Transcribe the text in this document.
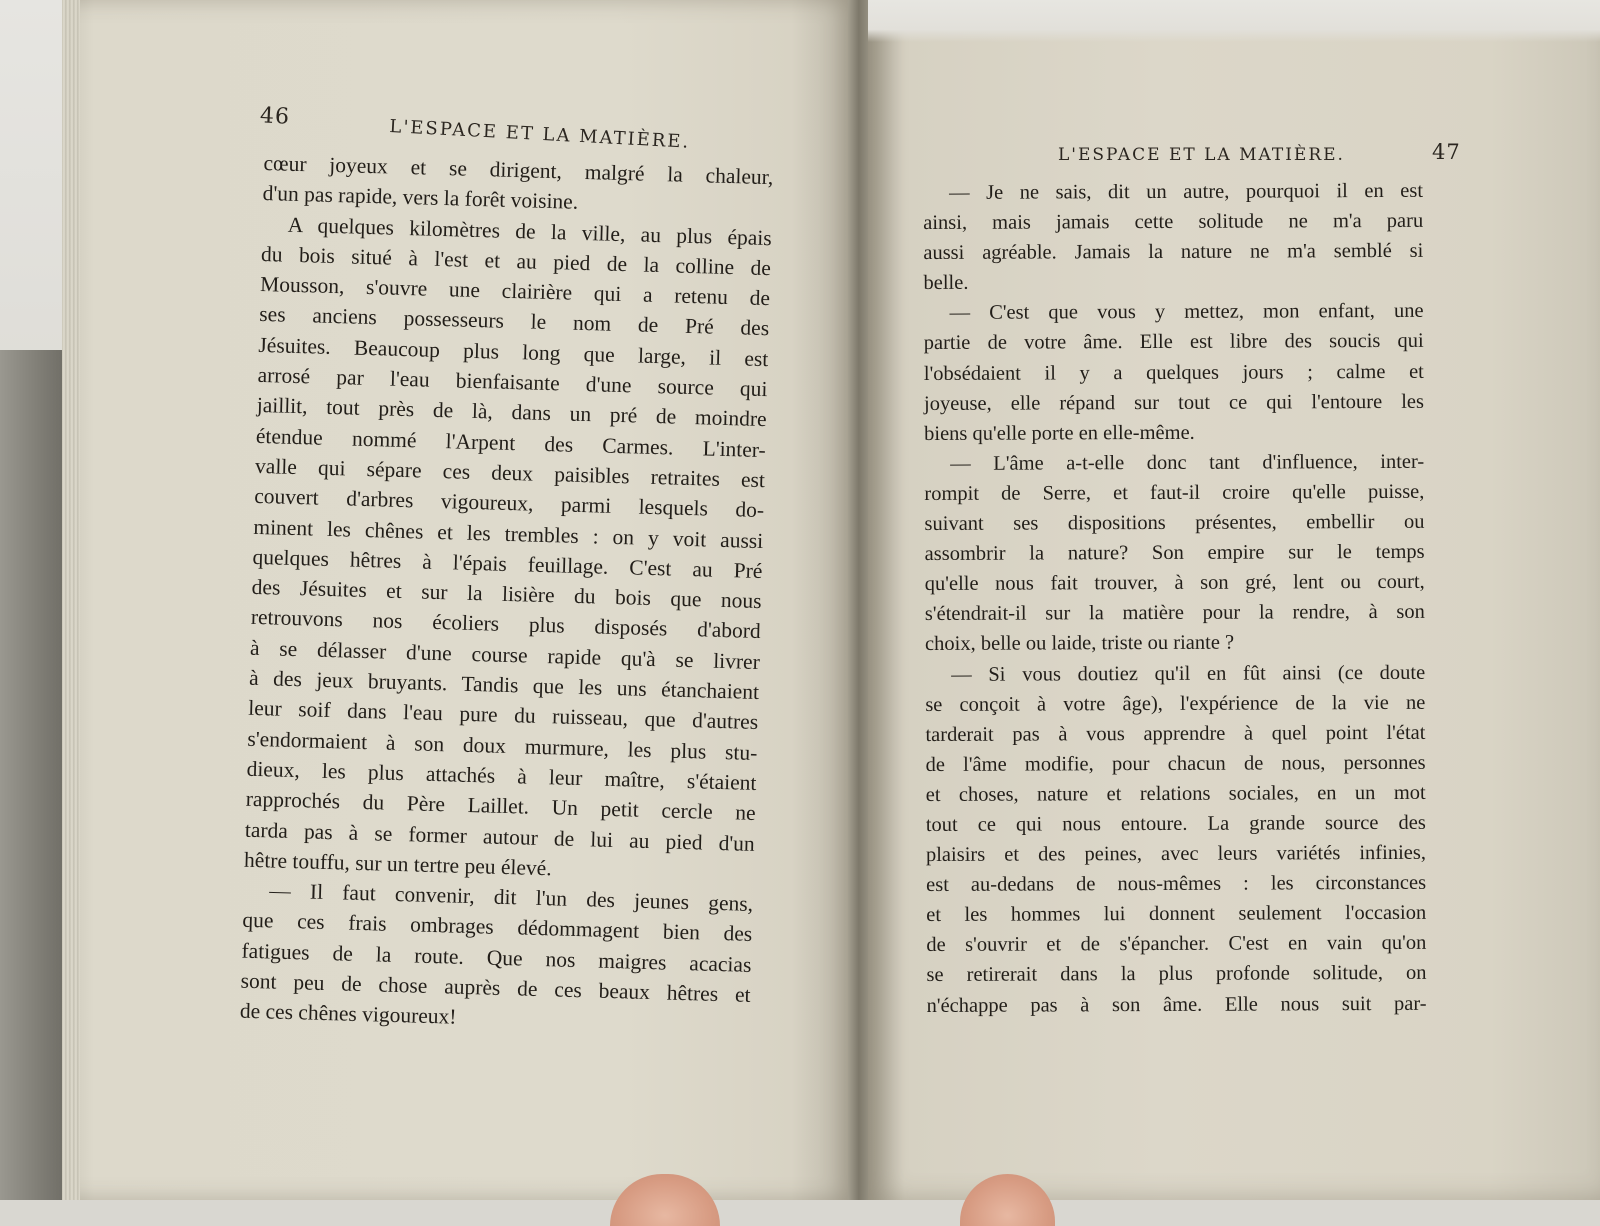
46	L'ESPACE ET LA MATIÈRE.
cœur joyeux et se dirigent, malgré la chaleur,
d'un pas rapide, vers la forêt voisine.
A quelques kilomètres de la ville, au plus épais
du bois situé à l'est et au pied de la colline de
Mousson, s'ouvre une clairière qui a retenu de
ses anciens possesseurs le nom de Pré des
Jésuites. Beaucoup plus long que large, il est
arrosé par l'eau bienfaisante d'une source qui
jaillit, tout près de là, dans un pré de moindre
étendue nommé l'Arpent des Carmes. L'inter-
valle qui sépare ces deux paisibles retraites est
couvert d'arbres vigoureux, parmi lesquels do-
minent les chênes et les trembles : on y voit aussi
quelques hêtres à l'épais feuillage. C'est au Pré
des Jésuites et sur la lisière du bois que nous
retrouvons nos écoliers plus disposés d'abord
à se délasser d'une course rapide qu'à se livrer
à des jeux bruyants. Tandis que les uns étanchaient
leur soif dans l'eau pure du ruisseau, que d'autres
s'endormaient à son doux murmure, les plus stu-
dieux, les plus attachés à leur maître, s'étaient
rapprochés du Père Laillet. Un petit cercle ne
tarda pas à se former autour de lui au pied d'un
hêtre touffu, sur un tertre peu élevé.
— Il faut convenir, dit l'un des jeunes gens,
que ces frais ombrages dédommagent bien des
fatigues de la route. Que nos maigres acacias
sont peu de chose auprès de ces beaux hêtres et
de ces chênes vigoureux!
L'ESPACE ET LA MATIÈRE.	47
— Je ne sais, dit un autre, pourquoi il en est
ainsi, mais jamais cette solitude ne m'a paru
aussi agréable. Jamais la nature ne m'a semblé si
belle.
— C'est que vous y mettez, mon enfant, une
partie de votre âme. Elle est libre des soucis qui
l'obsédaient il y a quelques jours ; calme et
joyeuse, elle répand sur tout ce qui l'entoure les
biens qu'elle porte en elle-même.
— L'âme a-t-elle donc tant d'influence, inter-
rompit de Serre, et faut-il croire qu'elle puisse,
suivant ses dispositions présentes, embellir ou
assombrir la nature? Son empire sur le temps
qu'elle nous fait trouver, à son gré, lent ou court,
s'étendrait-il sur la matière pour la rendre, à son
choix, belle ou laide, triste ou riante ?
— Si vous doutiez qu'il en fût ainsi (ce doute
se conçoit à votre âge), l'expérience de la vie ne
tarderait pas à vous apprendre à quel point l'état
de l'âme modifie, pour chacun de nous, personnes
et choses, nature et relations sociales, en un mot
tout ce qui nous entoure. La grande source des
plaisirs et des peines, avec leurs variétés infinies,
est au-dedans de nous-mêmes : les circonstances
et les hommes lui donnent seulement l'occasion
de s'ouvrir et de s'épancher. C'est en vain qu'on
se retirerait dans la plus profonde solitude, on
n'échappe pas à son âme. Elle nous suit par-
